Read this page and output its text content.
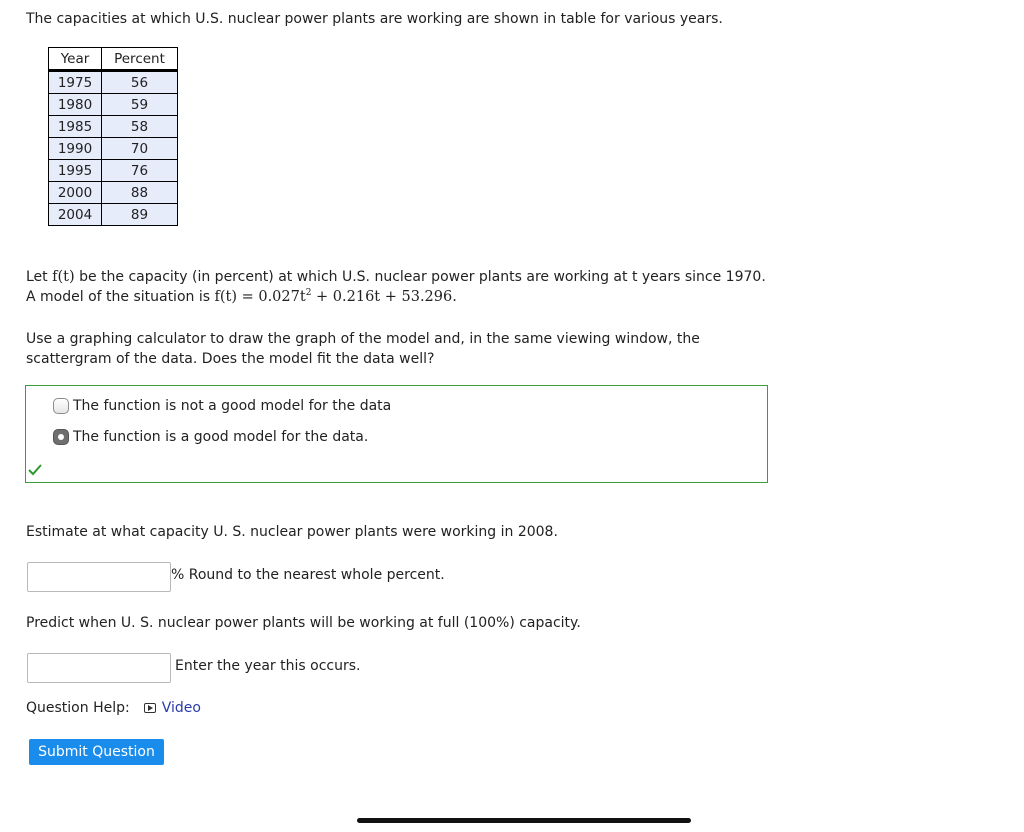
The capacities at which U.S. nuclear power plants are working are shown in table for various years.
Year	Percent
1975	56
1980	59
1985	58
1990	70
1995	76
2000	88
2004	89
Let f(t) be the capacity (in percent) at which U.S. nuclear power plants are working at t years since 1970. A model of the situation is $f(t) = 0.027t^2 + 0.216t + 53.296$.
Use a graphing calculator to draw the graph of the model and, in the same viewing window, the scattergram of the data. Does the model fit the data well?
The function is not a good model for the data
The function is a good model for the data.
Estimate at what capacity U. S. nuclear power plants were working in 2008.
% Round to the nearest whole percent.
Predict when U. S. nuclear power plants will be working at full (100%) capacity.
Enter the year this occurs.
Question Help: Video
Submit Question
